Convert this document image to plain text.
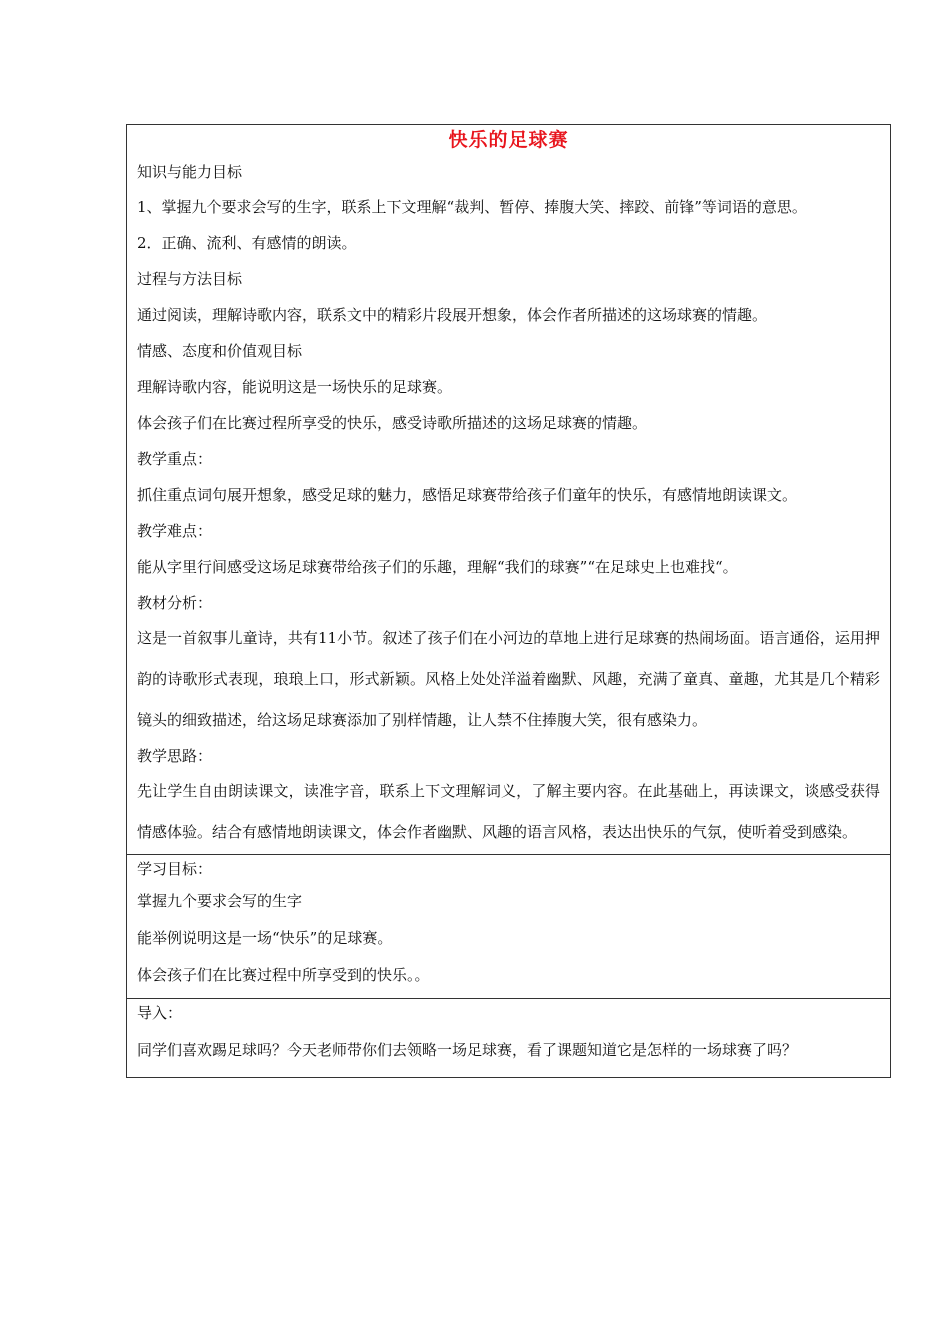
快乐的足球赛
知识与能力目标
1、掌握九个要求会写的生字，联系上下文理解“裁判、暂停、捧腹大笑、摔跤、前锋”等词语的意思。
2．正确、流利、有感情的朗读。
过程与方法目标
通过阅读，理解诗歌内容，联系文中的精彩片段展开想象，体会作者所描述的这场球赛的情趣。
情感、态度和价值观目标
理解诗歌内容，能说明这是一场快乐的足球赛。
体会孩子们在比赛过程所享受的快乐，感受诗歌所描述的这场足球赛的情趣。
教学重点：
抓住重点词句展开想象，感受足球的魅力，感悟足球赛带给孩子们童年的快乐，有感情地朗读课文。
教学难点：
能从字里行间感受这场足球赛带给孩子们的乐趣，理解“我们的球赛”“在足球史上也难找“。
教材分析：
这是一首叙事儿童诗，共有11小节。叙述了孩子们在小河边的草地上进行足球赛的热闹场面。语言通俗，运用押韵的诗歌形式表现，琅琅上口，形式新颖。风格上处处洋溢着幽默、风趣，充满了童真、童趣，尤其是几个精彩镜头的细致描述，给这场足球赛添加了别样情趣，让人禁不住捧腹大笑，很有感染力。
教学思路：
先让学生自由朗读课文，读准字音，联系上下文理解词义，了解主要内容。在此基础上，再读课文，谈感受获得情感体验。结合有感情地朗读课文，体会作者幽默、风趣的语言风格，表达出快乐的气氛，使听着受到感染。
学习目标：
掌握九个要求会写的生字
能举例说明这是一场“快乐”的足球赛。
体会孩子们在比赛过程中所享受到的快乐。。
导入：
同学们喜欢踢足球吗？今天老师带你们去领略一场足球赛，看了课题知道它是怎样的一场球赛了吗？
